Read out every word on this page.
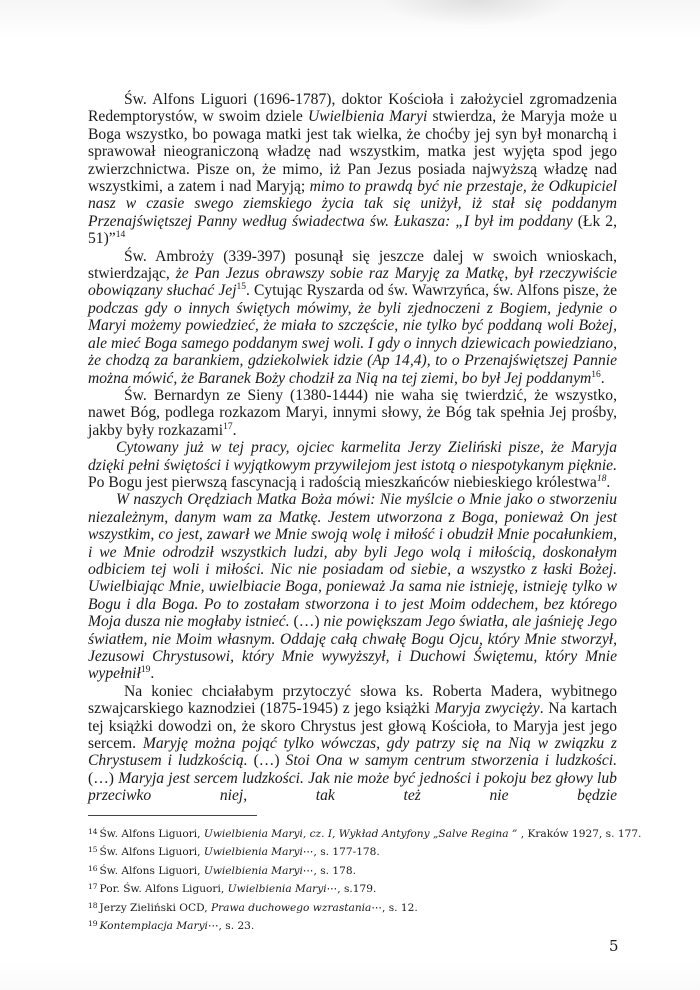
Św. Alfons Liguori (1696-1787), doktor Kościoła i założyciel zgromadzenia Redemptorystów, w swoim dziele Uwielbienia Maryi stwierdza, że Maryja może u Boga wszystko, bo powaga matki jest tak wielka, że choćby jej syn był monarchą i sprawował nieograniczoną władzę nad wszystkim, matka jest wyjęta spod jego zwierzchnictwa. Pisze on, że mimo, iż Pan Jezus posiada najwyższą władzę nad wszystkimi, a zatem i nad Maryją; mimo to prawdą być nie przestaje, że Odkupiciel nasz w czasie swego ziemskiego życia tak się uniżył, iż stał się poddanym Przenajświętszej Panny według świadectwa św. Łukasza: „I był im poddany (Łk 2, 51)”$^{14}$

Św. Ambroży (339-397) posunął się jeszcze dalej w swoich wnioskach, stwierdzając, że Pan Jezus obrawszy sobie raz Maryję za Matkę, był rzeczywiście obowiązany słuchać Jej$^{15}$. Cytując Ryszarda od św. Wawrzyńca, św. Alfons pisze, że podczas gdy o innych świętych mówimy, że byli zjednoczeni z Bogiem, jedynie o Maryi możemy powiedzieć, że miała to szczęście, nie tylko być poddaną woli Bożej, ale mieć Boga samego poddanym swej woli. I gdy o innych dziewicach powiedziano, że chodzą za barankiem, gdziekolwiek idzie (Ap 14,4), to o Przenajświętszej Pannie można mówić, że Baranek Boży chodził za Nią na tej ziemi, bo był Jej poddanym$^{16}$.

Św. Bernardyn ze Sieny (1380-1444) nie waha się twierdzić, że wszystko, nawet Bóg, podlega rozkazom Maryi, innymi słowy, że Bóg tak spełnia Jej prośby, jakby były rozkazami$^{17}$.

Cytowany już w tej pracy, ojciec karmelita Jerzy Zieliński pisze, że Maryja dzięki pełni świętości i wyjątkowym przywilejom jest istotą o niespotykanym pięknie. Po Bogu jest pierwszą fascynacją i radością mieszkańców niebieskiego królestwa$^{18}$.

W naszych Orędziach Matka Boża mówi: Nie myślcie o Mnie jako o stworzeniu niezależnym, danym wam za Matkę. Jestem utworzona z Boga, ponieważ On jest wszystkim, co jest, zawarł we Mnie swoją wolę i miłość i obudził Mnie pocałunkiem, i we Mnie odrodził wszystkich ludzi, aby byli Jego wolą i miłością, doskonałym odbiciem tej woli i miłości. Nic nie posiadam od siebie, a wszystko z łaski Bożej. Uwielbiając Mnie, uwielbiacie Boga, ponieważ Ja sama nie istnieję, istnieję tylko w Bogu i dla Boga. Po to zostałam stworzona i to jest Moim oddechem, bez którego Moja dusza nie mogłaby istnieć. (…) nie powiększam Jego światła, ale jaśnieję Jego światłem, nie Moim własnym. Oddaję całą chwałę Bogu Ojcu, który Mnie stworzył, Jezusowi Chrystusowi, który Mnie wywyższył, i Duchowi Świętemu, który Mnie wypełnił$^{19}$.

Na koniec chciałabym przytoczyć słowa ks. Roberta Madera, wybitnego szwajcarskiego kaznodziei (1875-1945) z jego książki Maryja zwycięży. Na kartach tej książki dowodzi on, że skoro Chrystus jest głową Kościoła, to Maryja jest jego sercem. Maryję można pojąć tylko wówczas, gdy patrzy się na Nią w związku z Chrystusem i ludzkością. (…) Stoi Ona w samym centrum stworzenia i ludzkości. (…) Maryja jest sercem ludzkości. Jak nie może być jedności i pokoju bez głowy lub przeciwko niej, tak też nie będzie

$^{14}$ Św. Alfons Liguori, Uwielbienia Maryi, cz. I, Wykład Antyfony „Salve Regina ” , Kraków 1927, s. 177.
$^{15}$ Św. Alfons Liguori, Uwielbienia Maryi⋯, s. 177-178.
$^{16}$ Św. Alfons Liguori, Uwielbienia Maryi⋯, s. 178.
$^{17}$ Por. Św. Alfons Liguori, Uwielbienia Maryi⋯, s.179.
$^{18}$ Jerzy Zieliński OCD, Prawa duchowego wzrastania⋯, s. 12.
$^{19}$ Kontemplacja Maryi⋯, s. 23.
5
